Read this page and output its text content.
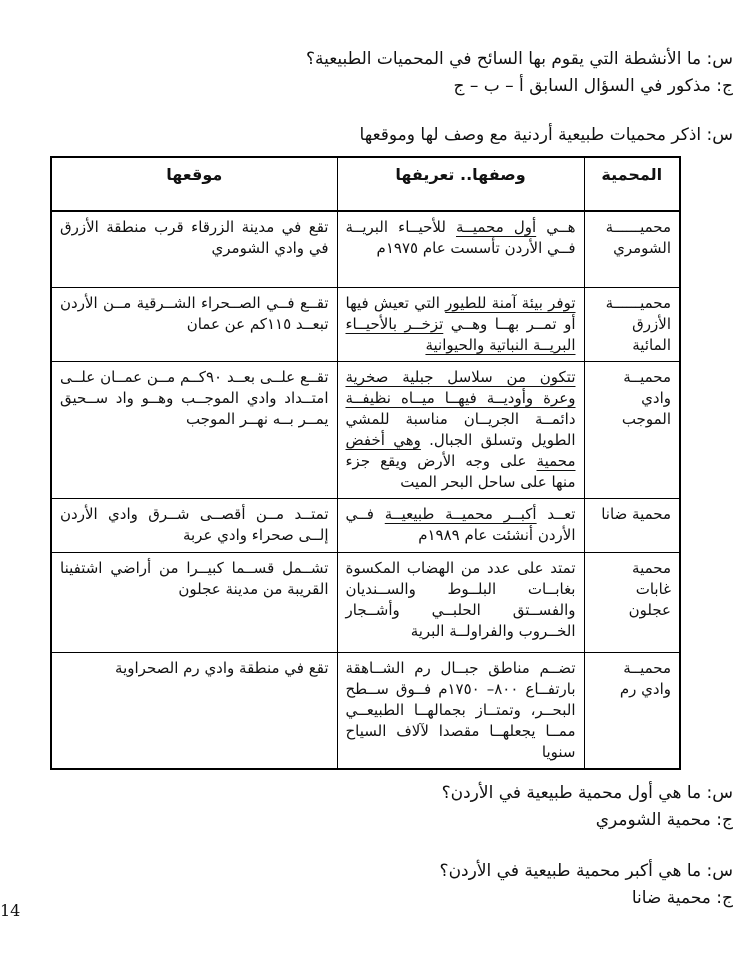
س: ما الأنشطة التي يقوم بها السائح في المحميات الطبيعية؟
ج: مذكور في السؤال السابق أ – ب – ج
س: اذكر محميات طبيعية أردنية مع وصف لها وموقعها
المحمية	وصفها.. تعريفها	موقعها
محميــــــة الشومري	هــي أول محميــة للأحيــاء البريــة فــي الأردن تأسست عام ١٩٧٥م	تقع في مدينة الزرقاء قرب منطقة الأزرق في وادي الشومري
محميــــــة الأزرق المائية	توفر بيئة آمنة للطيور التي تعيش فيها أو تمــر بهــا وهــي تزخــر بالأحيــاء البريــة النباتية والحيوانية	تقــع فــي الصــحراء الشــرقية مــن الأردن تبعــد ١١٥كم عن عمان
محميــة وادي الموجب	تتكون من سلاسل جبلية صخرية وعرة وأوديــة فيهــا ميــاه نظيفــة دائمــة الجريــان مناسبة للمشي الطويل وتسلق الجبال. وهي أخفض محمية على وجه الأرض ويقع جزء منها على ساحل البحر الميت	تقــع علــى بعــد ٩٠كــم مــن عمــان علــى امتــداد وادي الموجــب وهــو واد ســحيق يمــر بــه نهــر الموجب
محمية ضانا	تعــد أكبــر محميــة طبيعيــة فــي الأردن أنشئت عام ١٩٨٩م	تمتــد مــن أقصــى شــرق وادي الأردن إلــى صحراء وادي عربة
محمية غابات عجلون	تمتد على عدد من الهضاب المكسوة بغابــات البلــوط والســنديان والفســتق الحلبــي وأشــجار الخــروب والفراولــة البرية	تشــمل قســما كبيــرا من أراضي اشتفينا القريبة من مدينة عجلون
محميــة وادي رم	تضــم مناطق جبــال رم الشــاهقة بارتفــاع ٨٠٠– ١٧٥٠م فــوق ســطح البحــر، وتمتــاز بجمالهــا الطبيعــي ممــا يجعلهــا مقصدا لآلاف السياح سنويا	تقع في منطقة وادي رم الصحراوية
س: ما هي أول محمية طبيعية في الأردن؟
ج: محمية الشومري
س: ما هي أكبر محمية طبيعية في الأردن؟
ج: محمية ضانا
14
